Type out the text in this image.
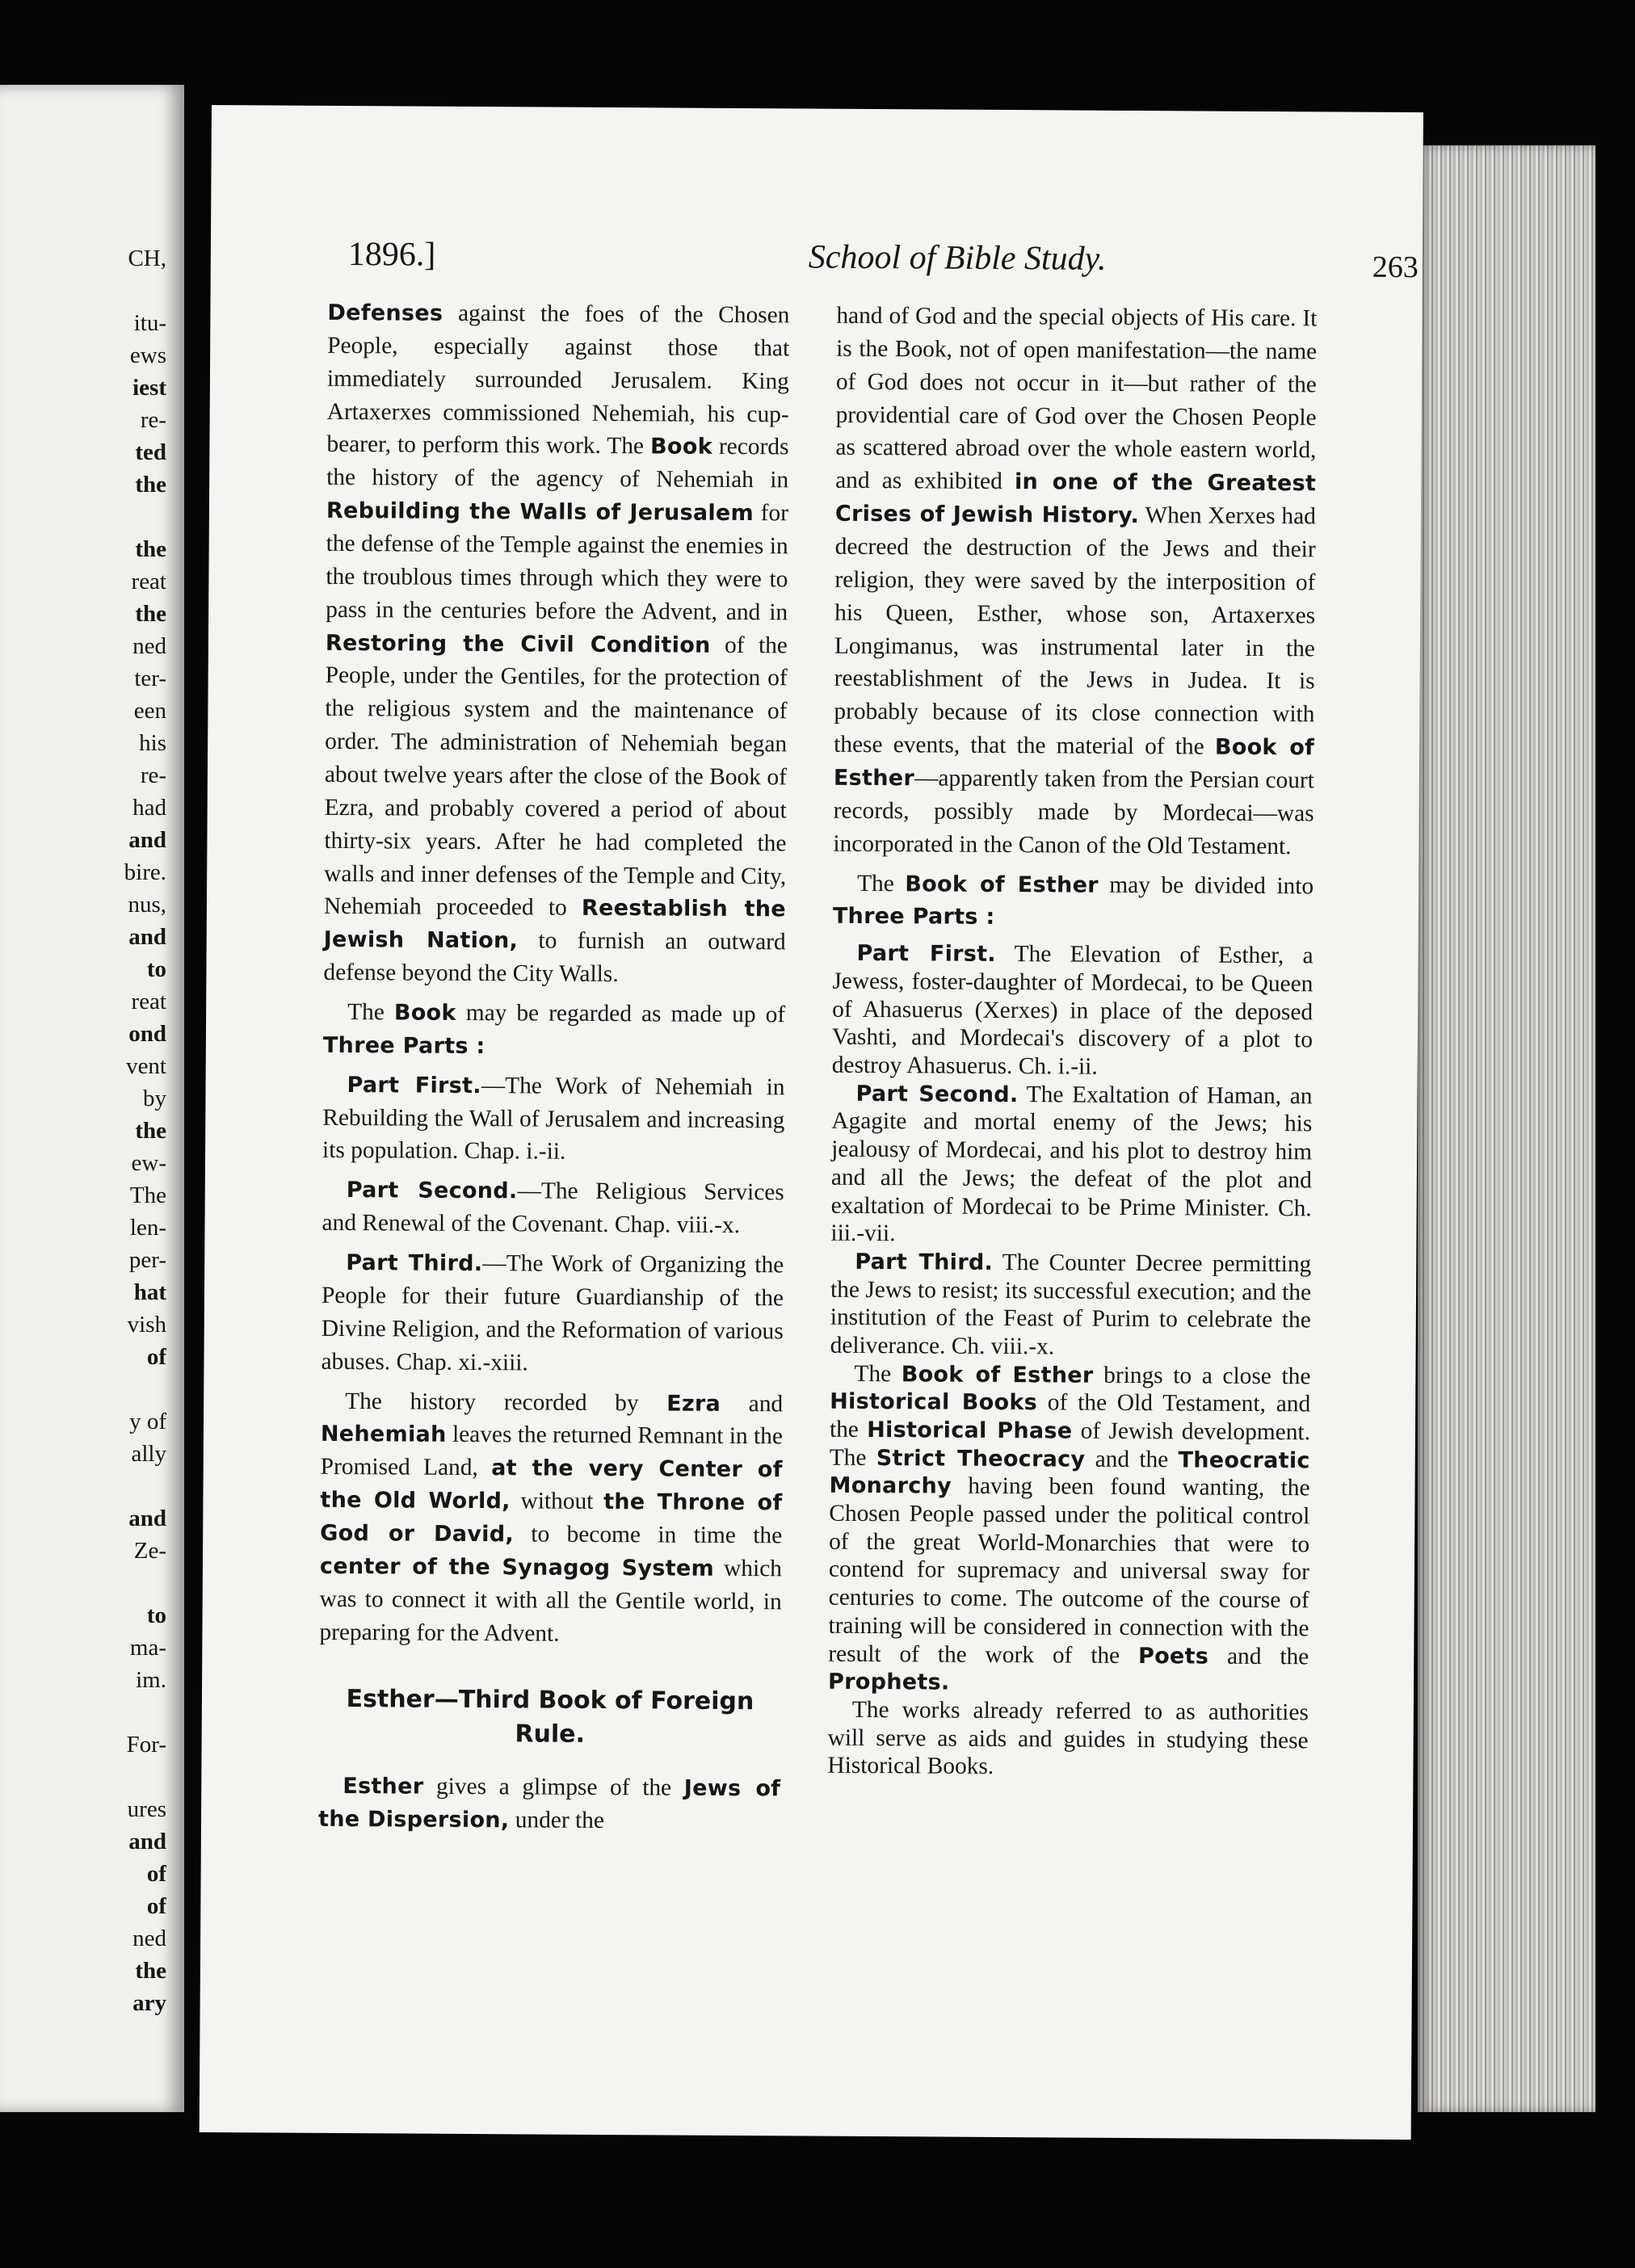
CH,
itu-
ews
iest
re-
ted
the
the
reat
the
ned
ter-
een
his
re-
had
and
bire.
nus,
and
to
reat
ond
vent
by
the
ew-
The
len-
per-
hat
vish
of
y of
ally
and
Ze-
to
ma-
im.
For-
ures
and
of
of
ned
the
ary
1896.]	School of Bible Study.	263

Defenses against the foes of the Chosen People, especially against those that immediately surrounded Jerusalem. King Artaxerxes commissioned Nehemiah, his cup-bearer, to perform this work. The Book records the history of the agency of Nehemiah in Rebuilding the Walls of Jerusalem for the defense of the Temple against the enemies in the troublous times through which they were to pass in the centuries before the Advent, and in Restoring the Civil Condition of the People, under the Gentiles, for the protection of the religious system and the maintenance of order. The administration of Nehemiah began about twelve years after the close of the Book of Ezra, and probably covered a period of about thirty-six years. After he had completed the walls and inner defenses of the Temple and City, Nehemiah proceeded to Reestablish the Jewish Nation, to furnish an outward defense beyond the City Walls.

The Book may be regarded as made up of Three Parts :

Part First.—The Work of Nehemiah in Rebuilding the Wall of Jerusalem and increasing its population. Chap. i.-ii.

Part Second.—The Religious Services and Renewal of the Covenant. Chap. viii.-x.

Part Third.—The Work of Organizing the People for their future Guardianship of the Divine Religion, and the Reformation of various abuses. Chap. xi.-xiii.

The history recorded by Ezra and Nehemiah leaves the returned Remnant in the Promised Land, at the very Center of the Old World, without the Throne of God or David, to become in time the center of the Synagog System which was to connect it with all the Gentile world, in preparing for the Advent.

Esther—Third Book of Foreign Rule.

Esther gives a glimpse of the Jews of the Dispersion, under the

hand of God and the special objects of His care. It is the Book, not of open manifestation—the name of God does not occur in it—but rather of the providential care of God over the Chosen People as scattered abroad over the whole eastern world, and as exhibited in one of the Greatest Crises of Jewish History. When Xerxes had decreed the destruction of the Jews and their religion, they were saved by the interposition of his Queen, Esther, whose son, Artaxerxes Longimanus, was instrumental later in the reestablishment of the Jews in Judea. It is probably because of its close connection with these events, that the material of the Book of Esther—apparently taken from the Persian court records, possibly made by Mordecai—was incorporated in the Canon of the Old Testament.

The Book of Esther may be divided into Three Parts :

Part First. The Elevation of Esther, a Jewess, foster-daughter of Mordecai, to be Queen of Ahasuerus (Xerxes) in place of the deposed Vashti, and Mordecai's discovery of a plot to destroy Ahasuerus. Ch. i.-ii.

Part Second. The Exaltation of Haman, an Agagite and mortal enemy of the Jews; his jealousy of Mordecai, and his plot to destroy him and all the Jews; the defeat of the plot and exaltation of Mordecai to be Prime Minister. Ch. iii.-vii.

Part Third. The Counter Decree permitting the Jews to resist; its successful execution; and the institution of the Feast of Purim to celebrate the deliverance. Ch. viii.-x.

The Book of Esther brings to a close the Historical Books of the Old Testament, and the Historical Phase of Jewish development. The Strict Theocracy and the Theocratic Monarchy having been found wanting, the Chosen People passed under the political control of the great World-Monarchies that were to contend for supremacy and universal sway for centuries to come. The outcome of the course of training will be considered in connection with the result of the work of the Poets and the Prophets.

The works already referred to as authorities will serve as aids and guides in studying these Historical Books.
